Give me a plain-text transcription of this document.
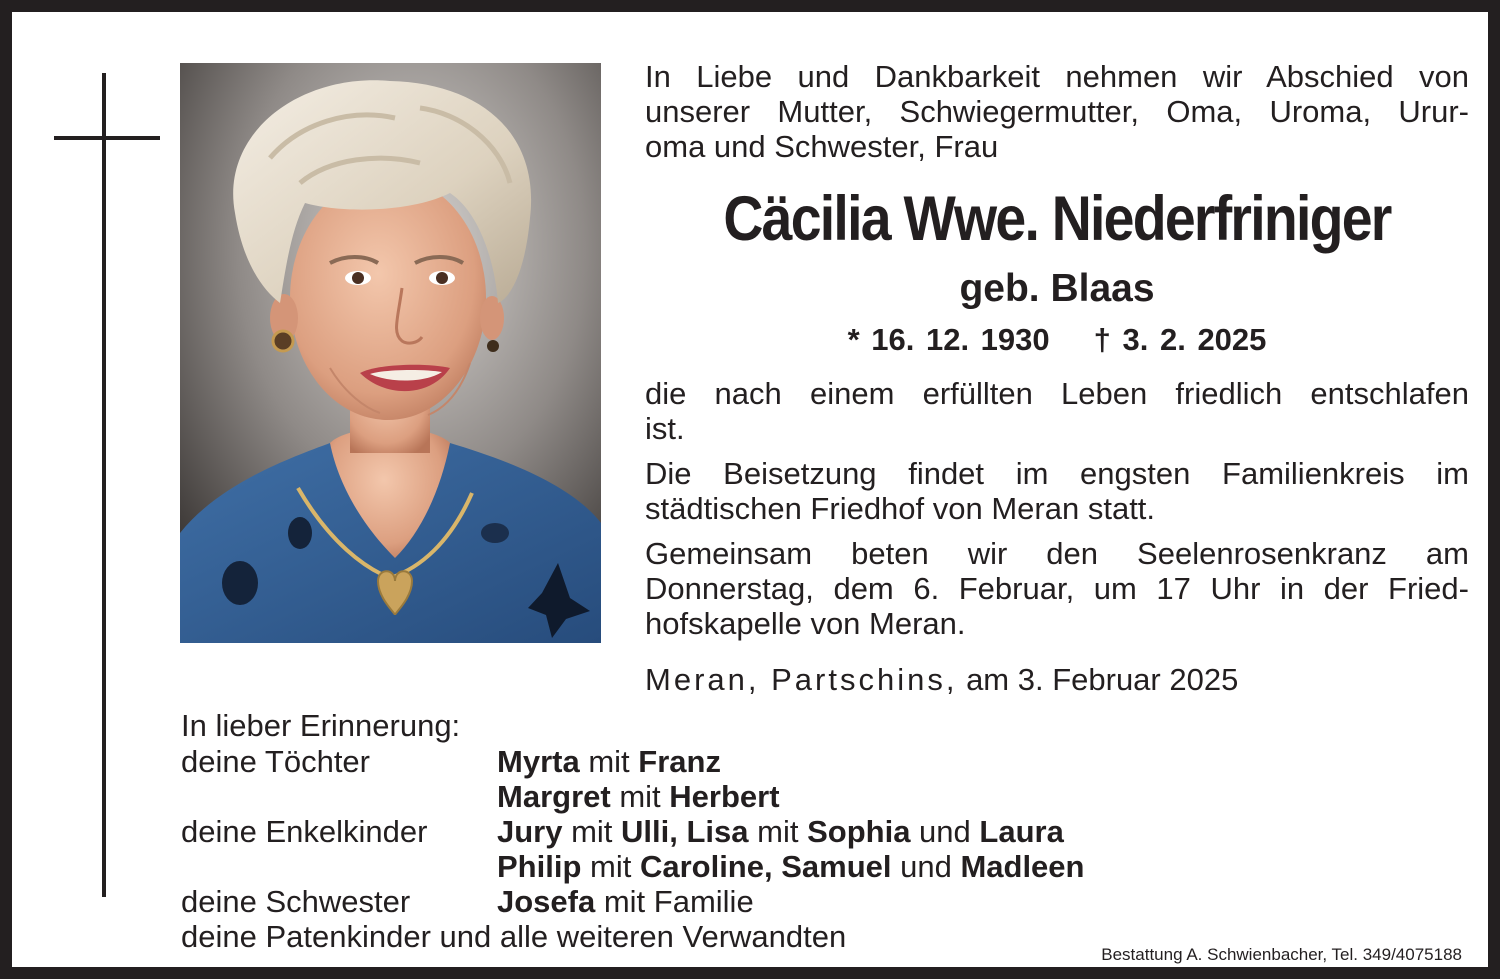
In Liebe und Dankbarkeit nehmen wir Abschied von
unserer Mutter, Schwiegermutter, Oma, Uroma, Urur-
oma und Schwester, Frau

Cäcilia Wwe. Niederfriniger

geb. Blaas

* 16. 12. 1930 † 3. 2. 2025

die nach einem erfüllten Leben friedlich entschlafen
ist.

Die Beisetzung findet im engsten Familienkreis im
städtischen Friedhof von Meran statt.

Gemeinsam beten wir den Seelenrosenkranz am
Donnerstag, dem 6. Februar, um 17 Uhr in der Fried-
hofskapelle von Meran.

Meran, Partschins, am 3. Februar 2025

In lieber Erinnerung:

deine Töchter	Myrta mit Franz
Margret mit Herbert
deine Enkelkinder Jury mit Ulli, Lisa mit Sophia und Laura
Philip mit Caroline, Samuel und Madleen
deine Schwester	Josefa mit Familie

deine Patenkinder und alle weiteren Verwandten

Bestattung A. Schwienbacher, Tel. 349/4075188
